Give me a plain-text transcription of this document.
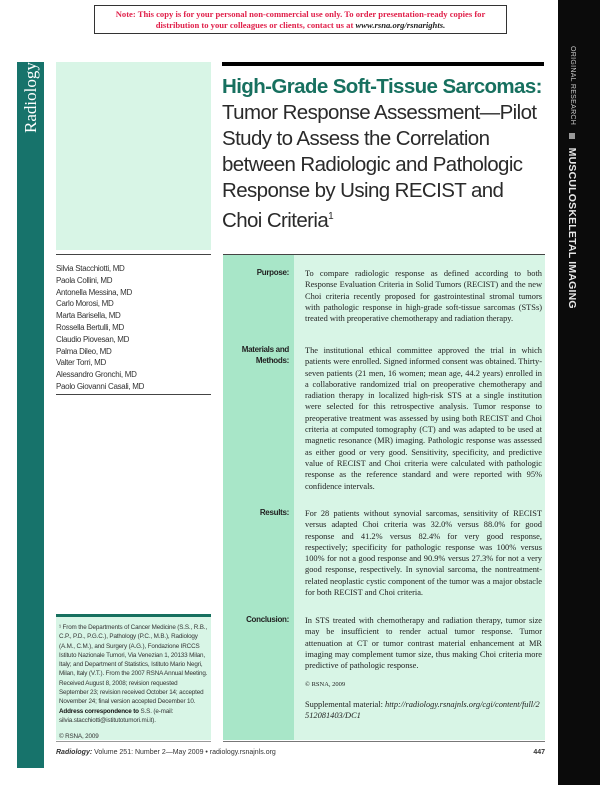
Note: This copy is for your personal non-commercial use only. To order presentation-ready copies for distribution to your colleagues or clients, contact us at www.rsna.org/rsnarights.
ORIGINAL RESEARCH  MUSCULOSKELETAL IMAGING
Radiology	High-Grade Soft-Tissue Sarcomas: Tumor Response Assessment—Pilot Study to Assess the Correlation between Radiologic and Pathologic Response by Using RECIST and Choi Criteria$^1$
Silvia Stacchiotti, MD
Paola Collini, MD
Antonella Messina, MD
Carlo Morosi, MD
Marta Barisella, MD
Rossella Bertulli, MD
Claudio Piovesan, MD
Palma Dileo, MD
Valter Torri, MD
Alessandro Gronchi, MD
Paolo Giovanni Casali, MD
Purpose: To compare radiologic response as defined according to both Response Evaluation Criteria in Solid Tumors (RECIST) and the new Choi criteria recently proposed for gastrointestinal stromal tumors with pathologic response in high-grade soft-tissue sarcomas (STSs) treated with preoperative chemotherapy and radiation therapy.
Materials and Methods:
The institutional ethical committee approved the trial in which patients were enrolled. Signed informed consent was obtained. Thirty-seven patients (21 men, 16 women; mean age, 44.2 years) enrolled in a collaborative randomized trial on preoperative chemotherapy and radiation therapy in localized high-risk STS at a single institution were selected for this retrospective analysis. Tumor response to preoperative treatment was assessed by using both RECIST and Choi criteria at computed tomography (CT) and was adapted to be used at magnetic resonance (MR) imaging. Pathologic response was assessed as either good or very good. Sensitivity, specificity, and predictive value of RECIST and Choi criteria were calculated with pathologic response as the reference standard and were reported with 95% confidence intervals.
Results: For 28 patients without synovial sarcomas, sensitivity of RECIST versus adapted Choi criteria was 32.0% versus 88.0% for good response and 41.2% versus 82.4% for very good response, respectively; specificity for pathologic response was 100% versus 100% for not a good response and 90.9% versus 27.3% for not a very good response, respectively. In synovial sarcoma, the nontreatment-related neoplastic cystic component of the tumor was a major obstacle for both RECIST and Choi criteria.
Conclusion: In STS treated with chemotherapy and radiation therapy, tumor size may be insufficient to render actual tumor response. Tumor attenuation at CT or tumor contrast material enhancement at MR imaging may complement tumor size, thus making Choi criteria more predictive of pathologic response.

© RSNA, 2009

Supplemental material: http://radiology.rsnajnls.org/cgi/content/full/2512081403/DC1

¹ From the Departments of Cancer Medicine (S.S., R.B., C.P., P.D., P.G.C.), Pathology (P.C., M.B.), Radiology (A.M., C.M.), and Surgery (A.G.), Fondazione IRCCS Istituto Nazionale Tumori, Via Venezian 1, 20133 Milan, Italy; and Department of Statistics, Istituto Mario Negri, Milan, Italy (V.T.). From the 2007 RSNA Annual Meeting. Received August 8, 2008; revision requested September 23; revision received October 14; accepted November 24; final version accepted December 10. Address correspondence to S.S. (e-mail: silvia.stacchiotti@istitutotumori.mi.it).
© RSNA, 2009
Radiology: Volume 251: Number 2—May 2009 • radiology.rsnajnls.org	447
